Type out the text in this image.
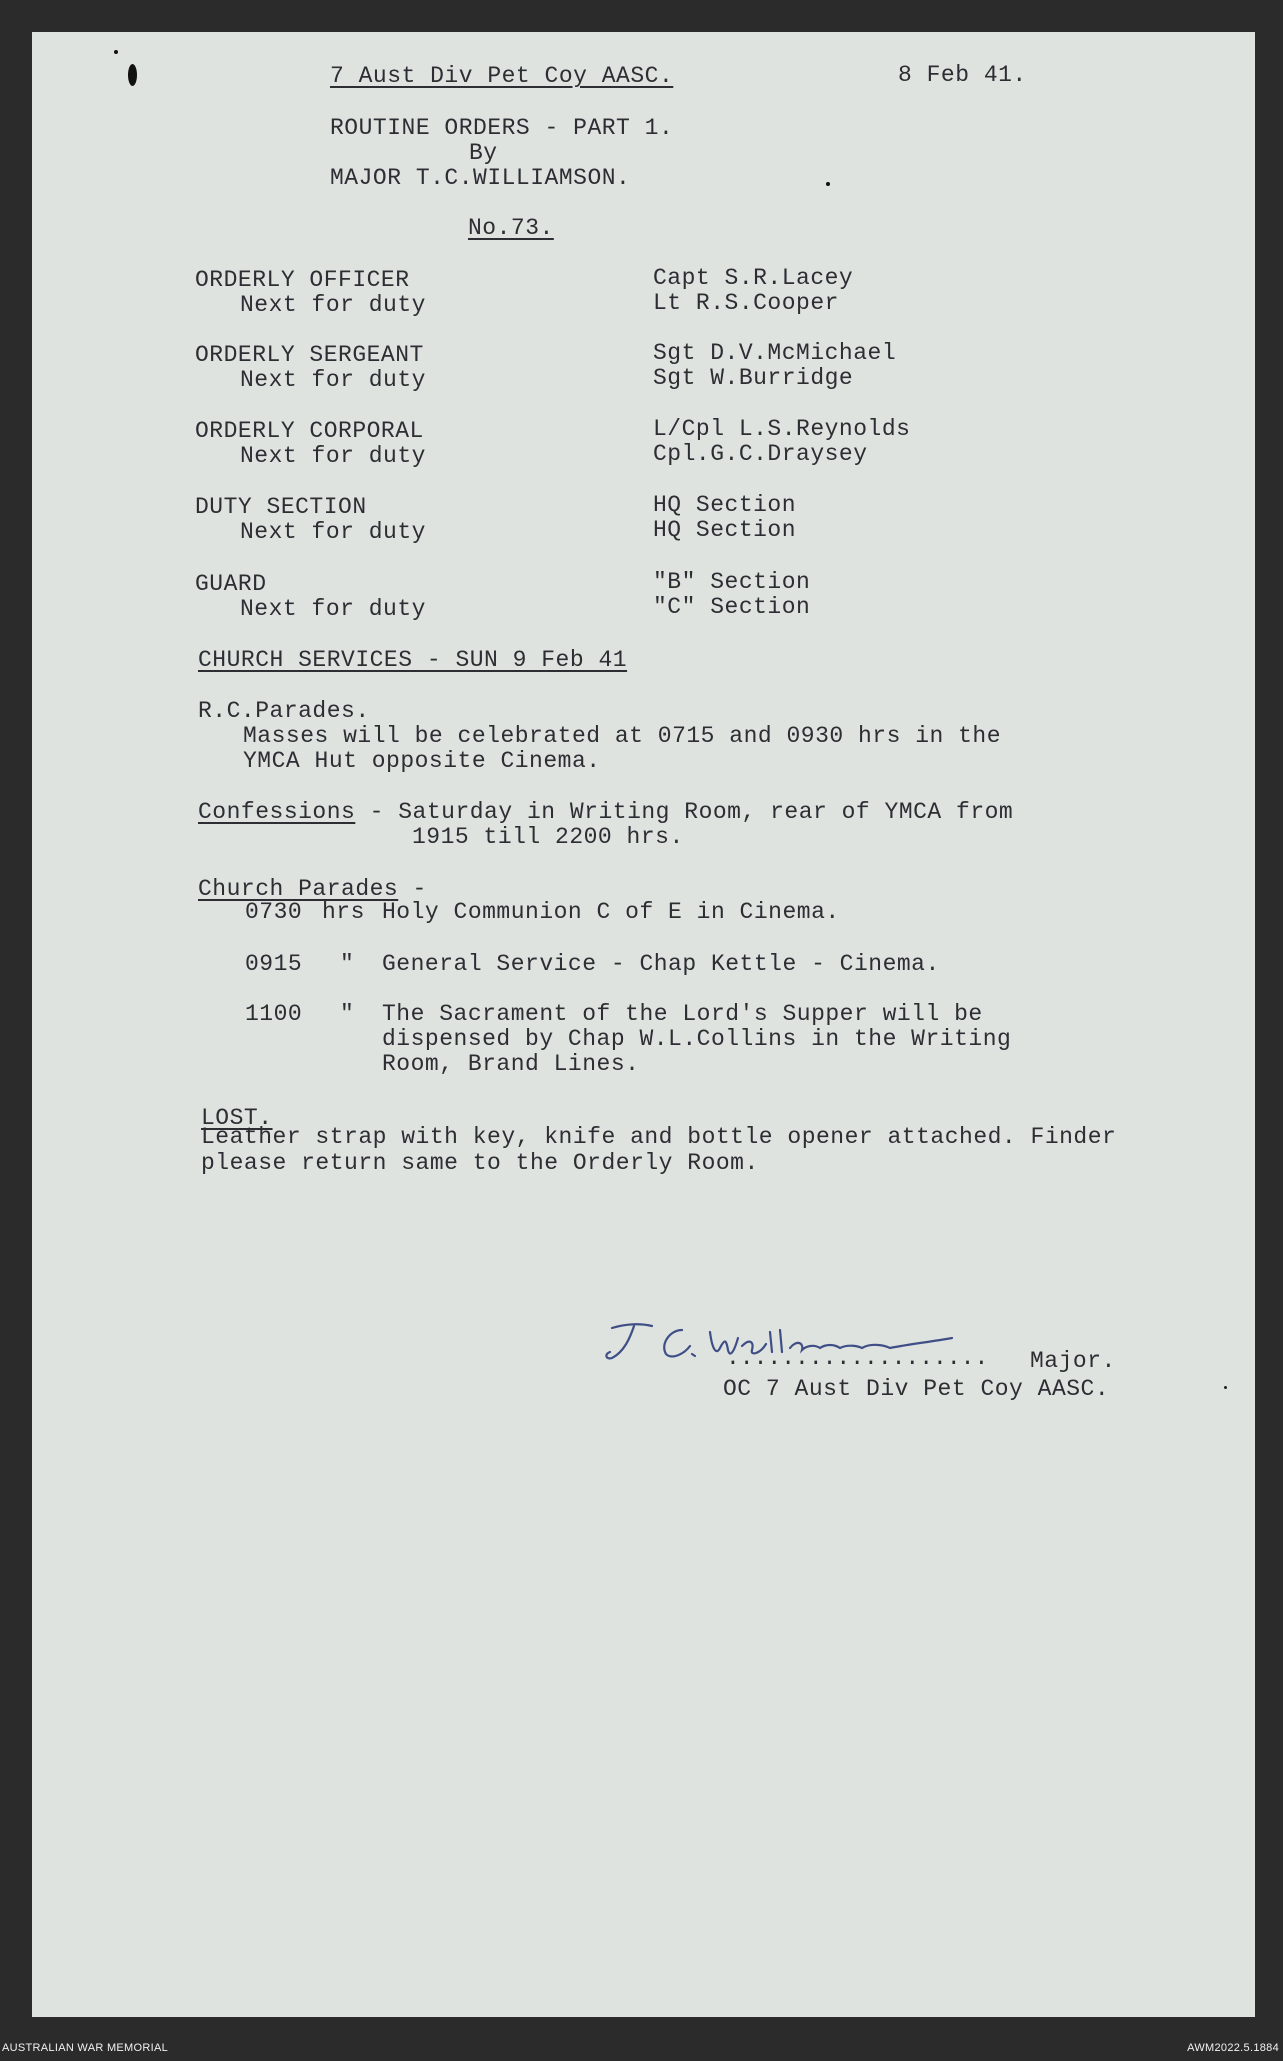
7 Aust Div Pet Coy AASC.	8 Feb 41.
ROUTINE ORDERS - PART 1.
By
MAJOR T.C.WILLIAMSON.
No.73.
ORDERLY OFFICER
Next for duty
Capt S.R.Lacey
Lt R.S.Cooper
ORDERLY SERGEANT
Next for duty
Sgt D.V.McMichael
Sgt W.Burridge
ORDERLY CORPORAL
Next for duty
L/Cpl L.S.Reynolds
Cpl.G.C.Draysey
DUTY SECTION
Next for duty
HQ Section
HQ Section
GUARD
Next for duty
"B" Section
"C" Section
CHURCH SERVICES - SUN 9 Feb 41
R.C.Parades.
Masses will be celebrated at 0715 and 0930 hrs in the
YMCA Hut opposite Cinema.
Confessions - Saturday in Writing Room, rear of YMCA from
1915 till 2200 hrs.
Church Parades -
0730 hrs Holy Communion C of E in Cinema.
0915 " General Service - Chap Kettle - Cinema.
1100 " The Sacrament of the Lord's Supper will be
dispensed by Chap W.L.Collins in the Writing
Room, Brand Lines.
LOST.
Leather strap with key, knife and bottle opener attached. Finder
please return same to the Orderly Room.
................... Major.
OC 7 Aust Div Pet Coy AASC.
AUSTRALIAN WAR MEMORIAL	AWM2022.5.1884
